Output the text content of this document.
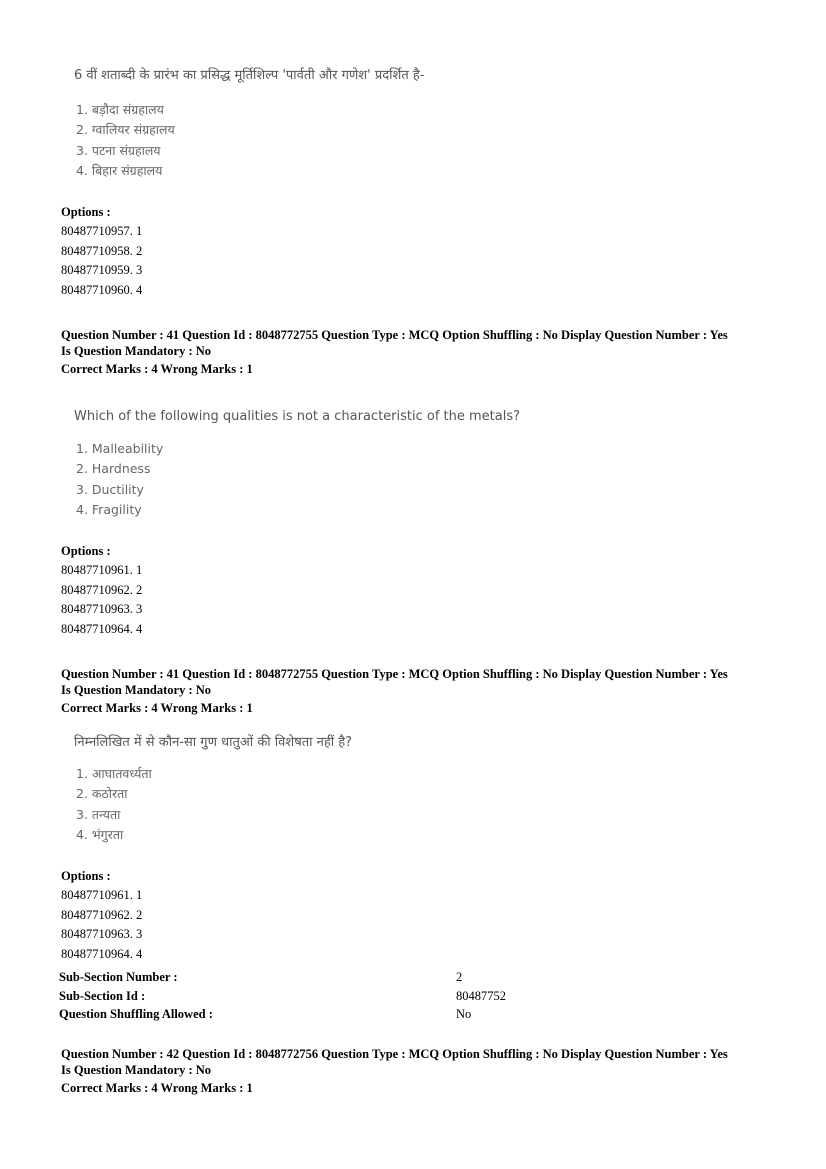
6 वीं शताब्दी के प्रारंभ का प्रसिद्ध मूर्तिशिल्प 'पार्वती और गणेश' प्रदर्शित है-
1. बड़ौदा संग्रहालय
2. ग्वालियर संग्रहालय
3. पटना संग्रहालय
4. बिहार संग्रहालय
Options :
80487710957. 1
80487710958. 2
80487710959. 3
80487710960. 4
Question Number : 41 Question Id : 8048772755 Question Type : MCQ Option Shuffling : No Display Question Number : Yes
Is Question Mandatory : No
Correct Marks : 4 Wrong Marks : 1
Which of the following qualities is not a characteristic of the metals?
1. Malleability
2. Hardness
3. Ductility
4. Fragility
Options :
80487710961. 1
80487710962. 2
80487710963. 3
80487710964. 4
Question Number : 41 Question Id : 8048772755 Question Type : MCQ Option Shuffling : No Display Question Number : Yes
Is Question Mandatory : No
Correct Marks : 4 Wrong Marks : 1
निम्नलिखित में से कौन-सा गुण धातुओं की विशेषता नहीं है?
1. आघातवर्ध्यता
2. कठोरता
3. तन्यता
4. भंगुरता
Options :
80487710961. 1
80487710962. 2
80487710963. 3
80487710964. 4
Sub-Section Number :	2
Sub-Section Id :	80487752
Question Shuffling Allowed :	No
Question Number : 42 Question Id : 8048772756 Question Type : MCQ Option Shuffling : No Display Question Number : Yes
Is Question Mandatory : No
Correct Marks : 4 Wrong Marks : 1
